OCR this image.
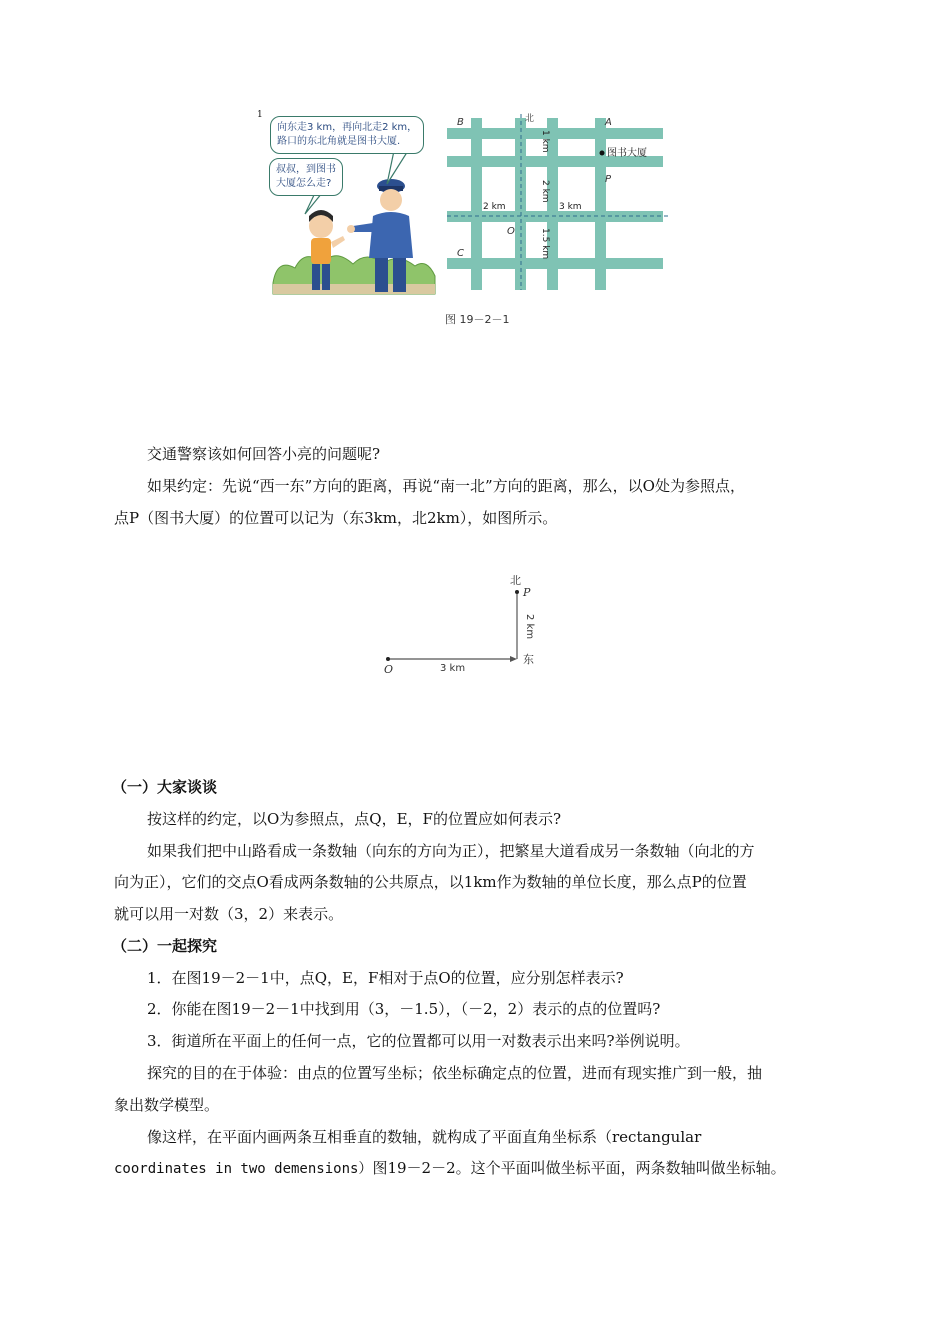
1
向东走3 km，再向北走2 km，
路口的东北角就是图书大厦.
叔叔，到图书
大厦怎么走?
北
B	A
P
O
C
图书大厦
2 km	3 km
1 km
2 km
1.5 km
图 19－2－1
交通警察该如何回答小亮的问题呢?
如果约定：先说“西一东”方向的距离，再说“南一北”方向的距离，那么，以O处为参照点，
点P（图书大厦）的位置可以记为（东3km，北2km），如图所示。
北
P
2 km
东
O	3 km
（一）大家谈谈
按这样的约定，以O为参照点，点Q，E，F的位置应如何表示?
如果我们把中山路看成一条数轴（向东的方向为正），把繁星大道看成另一条数轴（向北的方
向为正），它们的交点O看成两条数轴的公共原点，以1km作为数轴的单位长度，那么点P的位置
就可以用一对数（3，2）来表示。
（二）一起探究
1．在图19－2－1中，点Q，E，F相对于点O的位置，应分别怎样表示?
2．你能在图19－2－1中找到用（3，－1.5），（－2，2）表示的点的位置吗?
3．街道所在平面上的任何一点，它的位置都可以用一对数表示出来吗?举例说明。
探究的目的在于体验：由点的位置写坐标；依坐标确定点的位置，进而有现实推广到一般，抽
象出数学模型。
像这样，在平面内画两条互相垂直的数轴，就构成了平面直角坐标系（rectangular
coordinates in two demensions）图19－2－2。这个平面叫做坐标平面，两条数轴叫做坐标轴。
